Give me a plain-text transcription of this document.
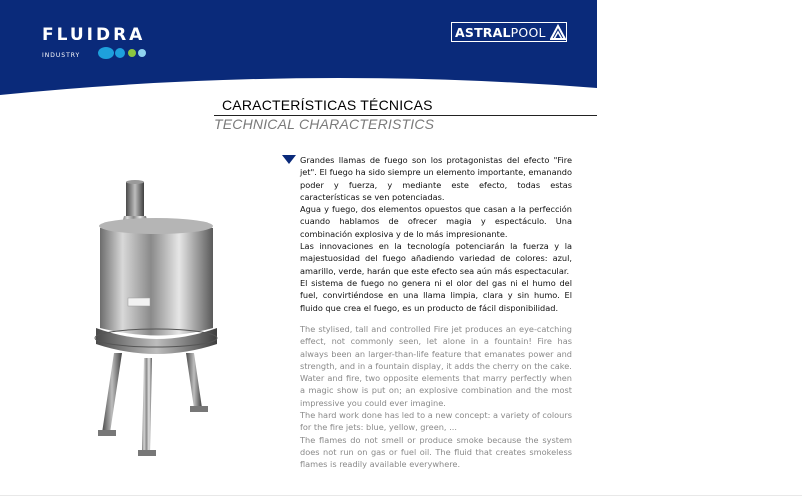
FLUIDRA
INDUSTRY
ASTRAL POOL
CARACTERÍSTICAS TÉCNICAS
TECHNICAL CHARACTERISTICS

Grandes llamas de fuego son los protagonistas del efecto "Fire jet". El fuego ha sido siempre un elemento importante, emanando poder y fuerza, y mediante este efecto, todas estas características se ven potenciadas.

Agua y fuego, dos elementos opuestos que casan a la perfección cuando hablamos de ofrecer magia y espectáculo. Una combinación explosiva y de lo más impresionante.

Las innovaciones en la tecnología potenciarán la fuerza y la majestuosidad del fuego añadiendo variedad de colores: azul, amarillo, verde, harán que este efecto sea aún más espectacular.

El sistema de fuego no genera ni el olor del gas ni el humo del fuel, convirtiéndose en una llama limpia, clara y sin humo. El fluido que crea el fuego, es un producto de fácil disponibilidad.

The stylised, tall and controlled Fire jet produces an eye-catching effect, not commonly seen, let alone in a fountain! Fire has always been an larger-than-life feature that emanates power and strength, and in a fountain display, it adds the cherry on the cake.

Water and fire, two opposite elements that marry perfectly when a magic show is put on; an explosive combination and the most impressive you could ever imagine.

The hard work done has led to a new concept: a variety of colours for the fire jets: blue, yellow, green, ...

The flames do not smell or produce smoke because the system does not run on gas or fuel oil. The fluid that creates smokeless flames is readily available everywhere.
